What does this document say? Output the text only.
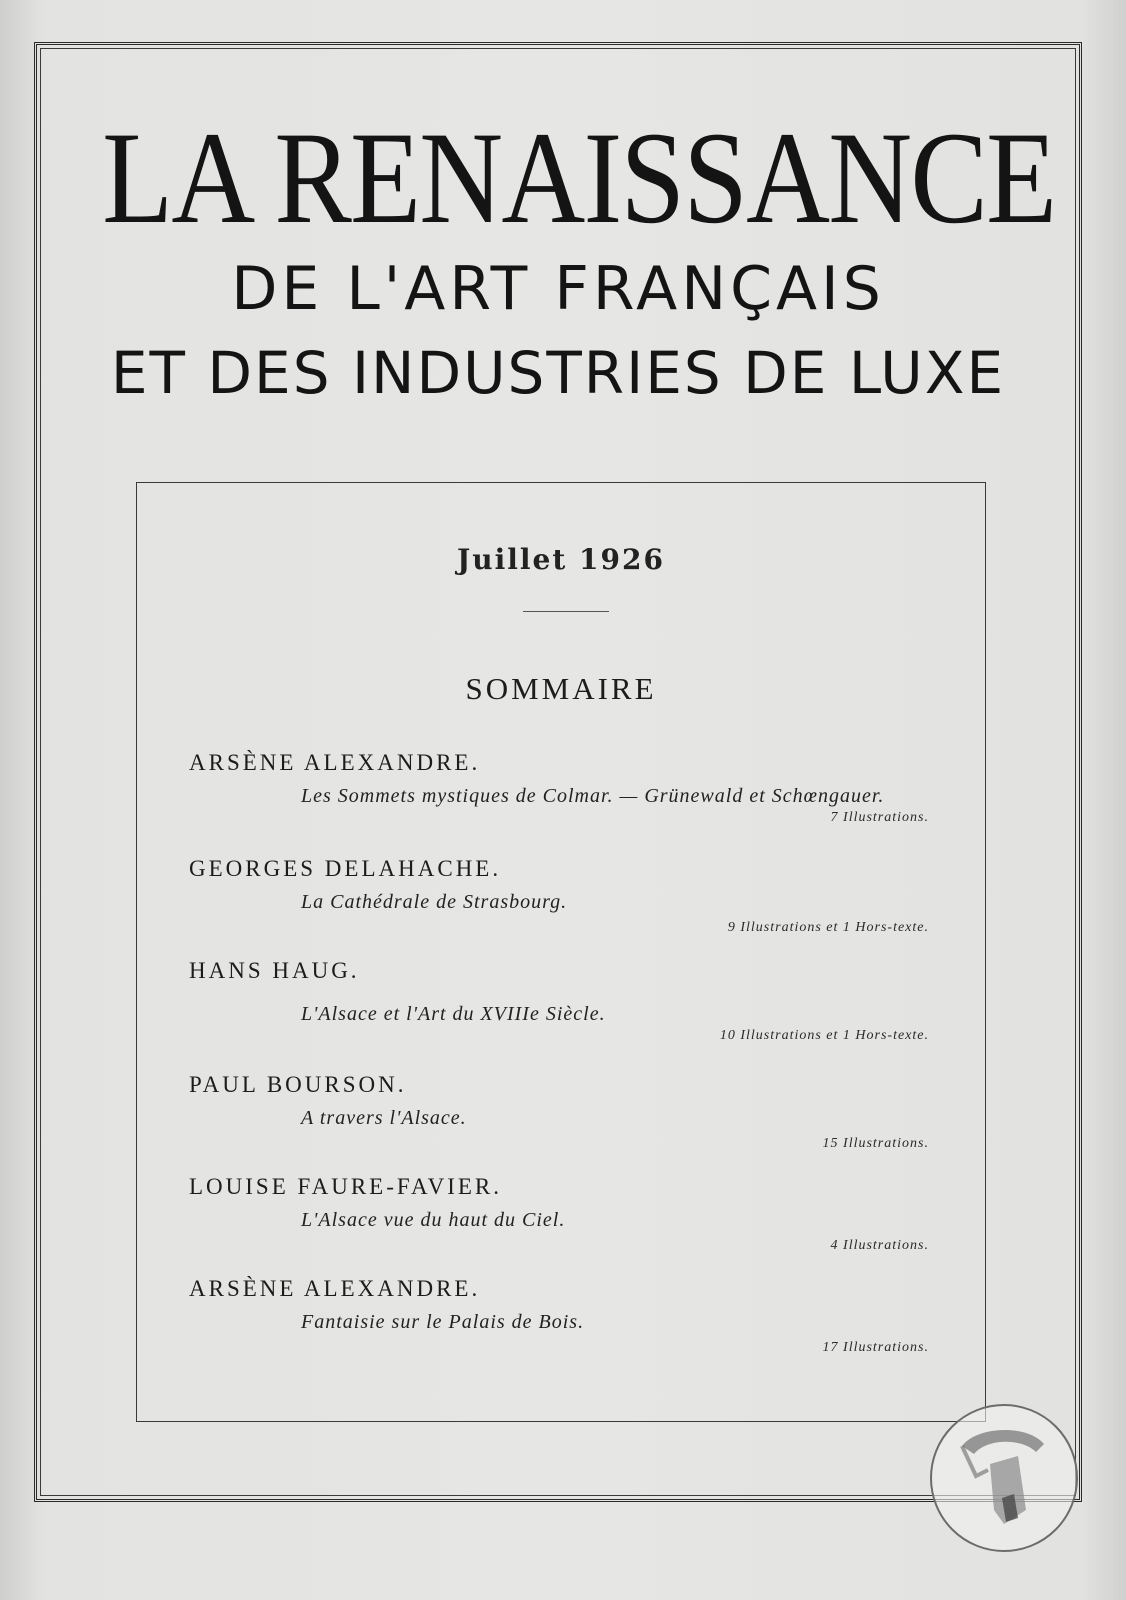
LA RENAISSANCE
DE L'ART FRANÇAIS
ET DES INDUSTRIES DE LUXE
Juillet 1926
SOMMAIRE
ARSÈNE ALEXANDRE.
Les Sommets mystiques de Colmar. — Grünewald et Schœngauer.
7 Illustrations.
GEORGES DELAHACHE.
La Cathédrale de Strasbourg.
9 Illustrations et 1 Hors-texte.
HANS HAUG.
L'Alsace et l'Art du XVIIIe Siècle.
10 Illustrations et 1 Hors-texte.
PAUL BOURSON.
A travers l'Alsace.
15 Illustrations.
LOUISE FAURE-FAVIER.
L'Alsace vue du haut du Ciel.
4 Illustrations.
ARSÈNE ALEXANDRE.
Fantaisie sur le Palais de Bois.
17 Illustrations.
